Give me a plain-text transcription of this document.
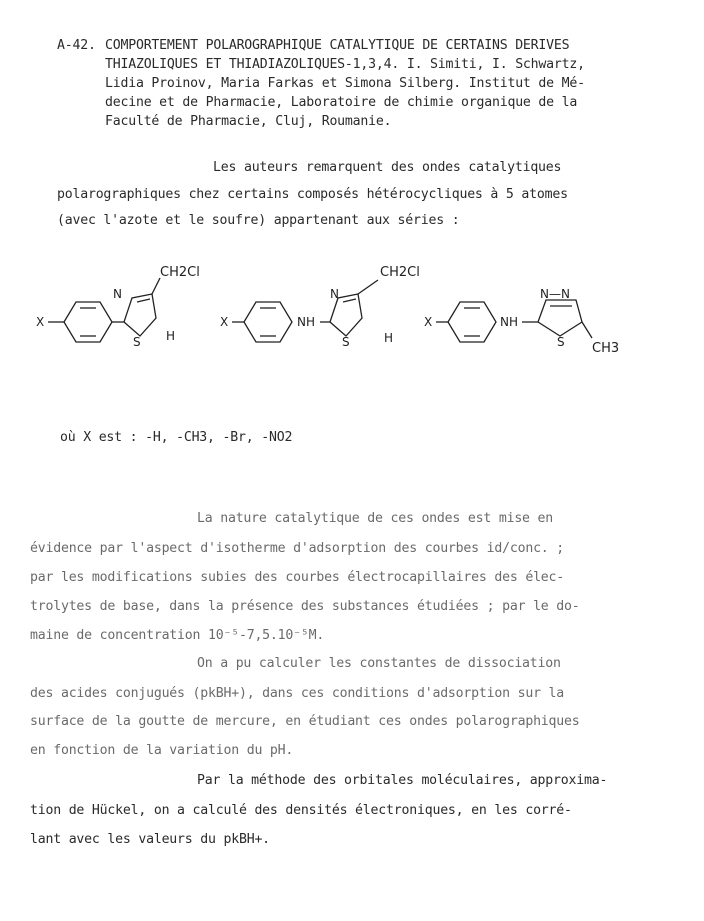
A-42. COMPORTEMENT POLAROGRAPHIQUE CATALYTIQUE DE CERTAINS DERIVES
THIAZOLIQUES ET THIADIAZOLIQUES-1,3,4. I. Simiti, I. Schwartz,
Lidia Proinov, Maria Farkas et Simona Silberg. Institut de Mé-
decine et de Pharmacie, Laboratoire de chimie organique de la
Faculté de Pharmacie, Cluj, Roumanie.
Les auteurs remarquent des ondes catalytiques
polarographiques chez certains composés hétérocycliques à 5 atomes
(avec l'azote et le soufre) appartenant aux séries :
X
N
S
CH2Cl
H
X	NH
N
S
CH2Cl
H
X	NH
N—N
S CH3
où X est : -H, -CH3, -Br, -NO2
La nature catalytique de ces ondes est mise en
évidence par l'aspect d'isotherme d'adsorption des courbes id/conc. ;
par les modifications subies des courbes électrocapillaires des élec-
trolytes de base, dans la présence des substances étudiées ; par le do-
maine de concentration 10⁻⁵-7,5.10⁻⁵M.
On a pu calculer les constantes de dissociation
des acides conjugués (pkBH+), dans ces conditions d'adsorption sur la
surface de la goutte de mercure, en étudiant ces ondes polarographiques
en fonction de la variation du pH.
Par la méthode des orbitales moléculaires, approxima-
tion de Hückel, on a calculé des densités électroniques, en les corré-
lant avec les valeurs du pkBH+.
